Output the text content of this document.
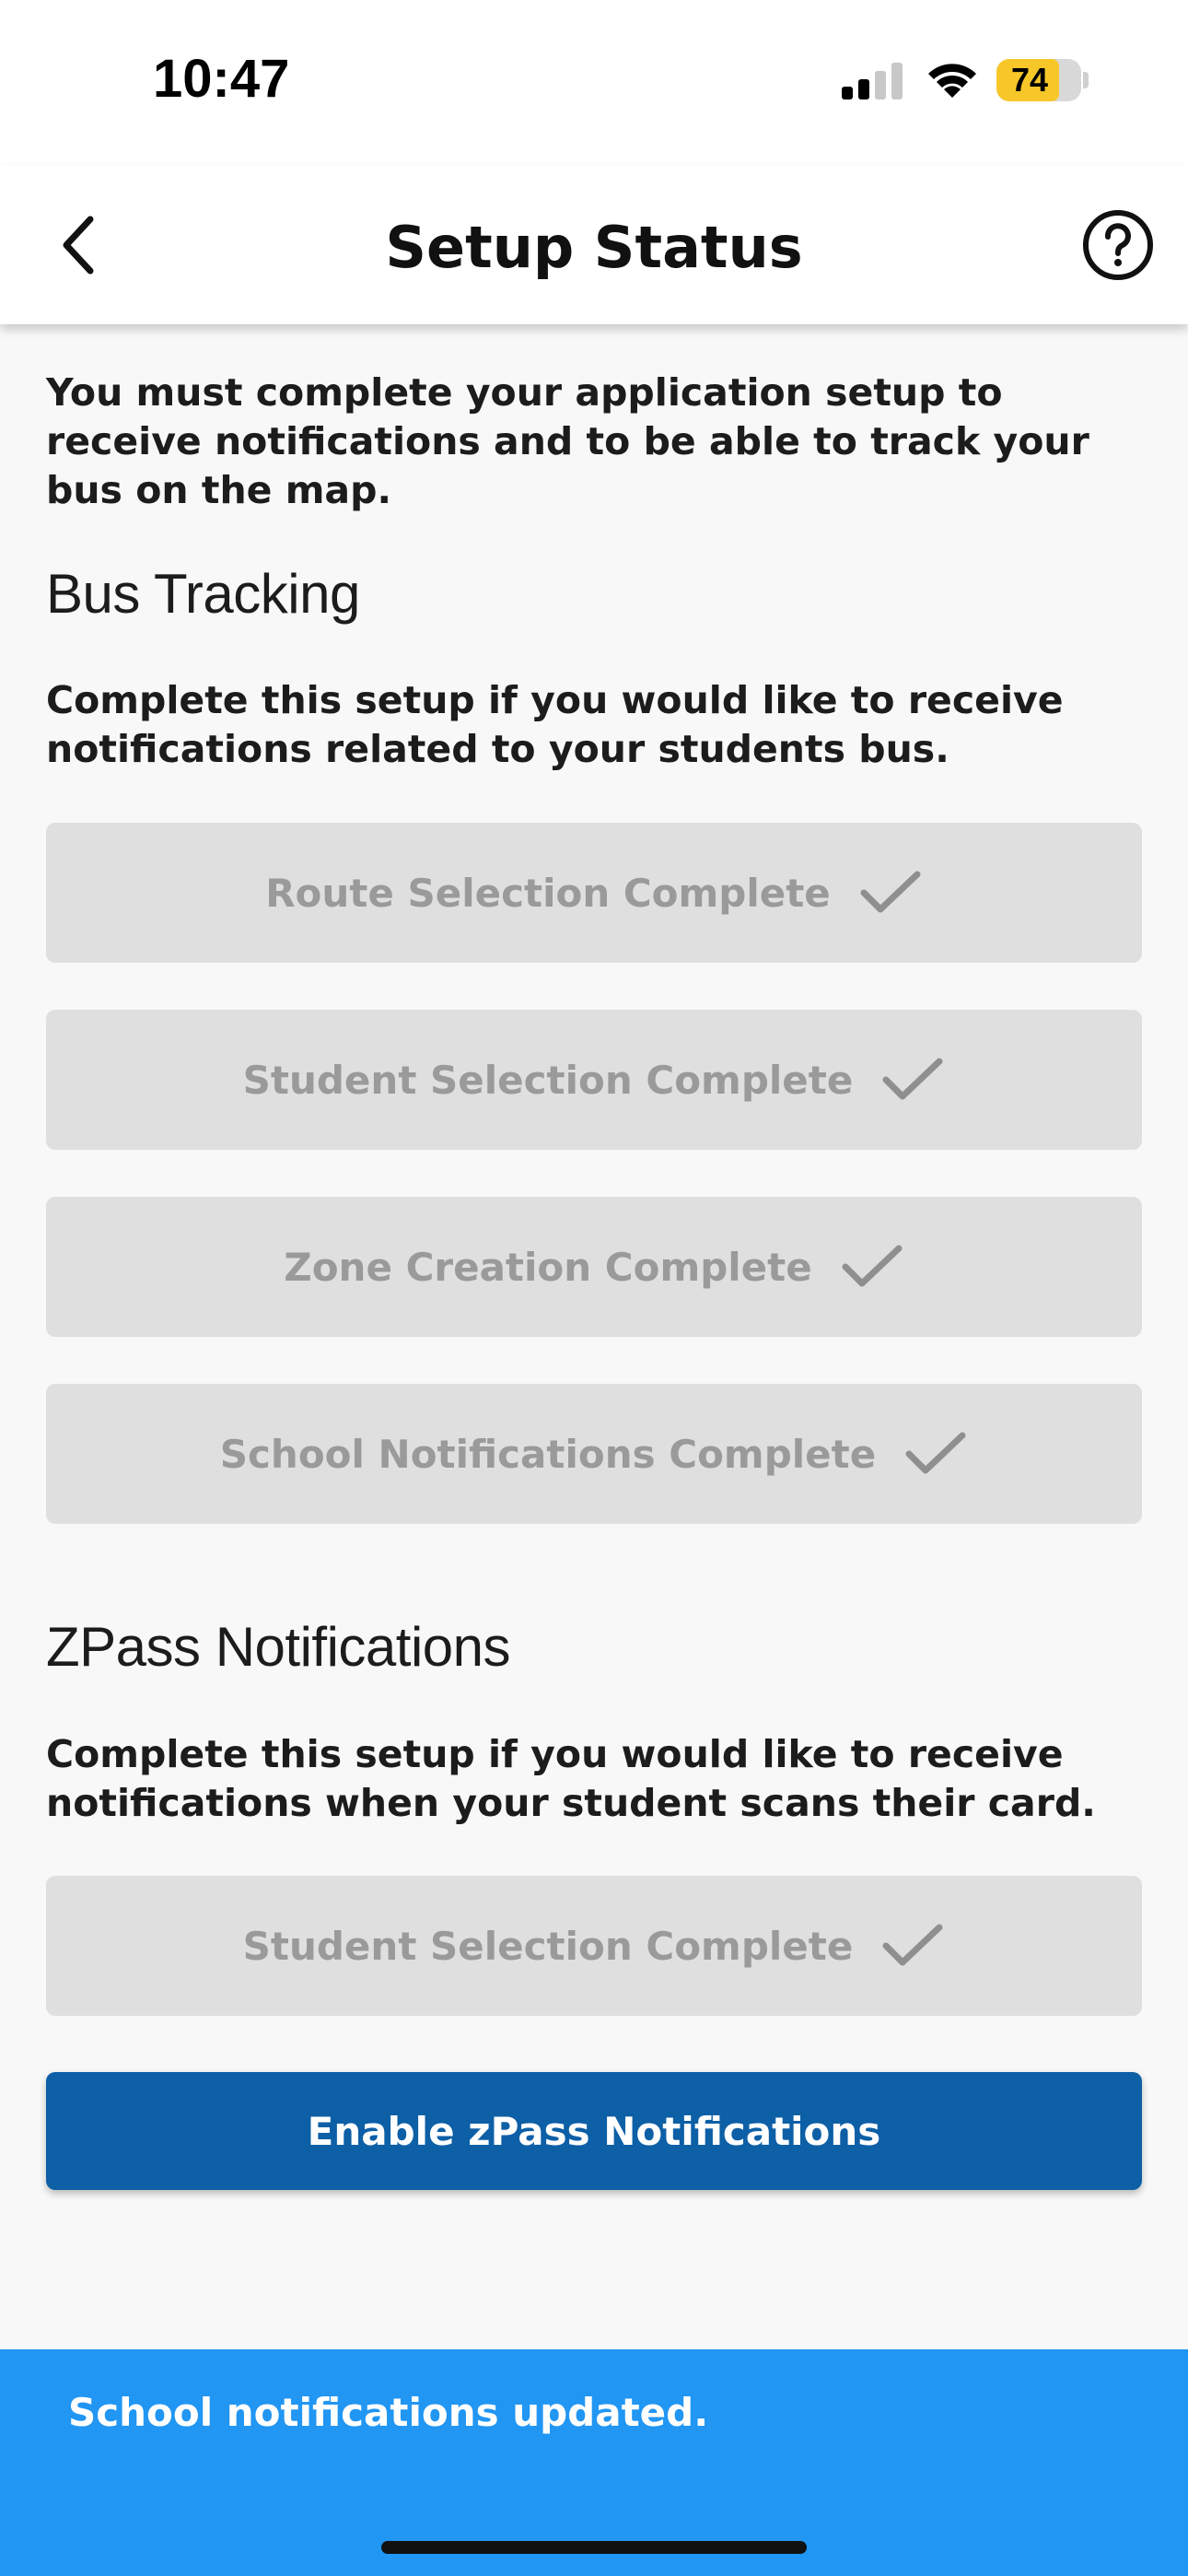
10:47	74
Setup Status
You must complete your application setup to receive notifications and to be able to track your bus on the map.
Bus Tracking
Complete this setup if you would like to receive notifications related to your students bus.
Route Selection Complete
Student Selection Complete
Zone Creation Complete
School Notifications Complete
ZPass Notifications
Complete this setup if you would like to receive notifications when your student scans their card.
Student Selection Complete
Enable zPass Notifications
School notifications updated.
